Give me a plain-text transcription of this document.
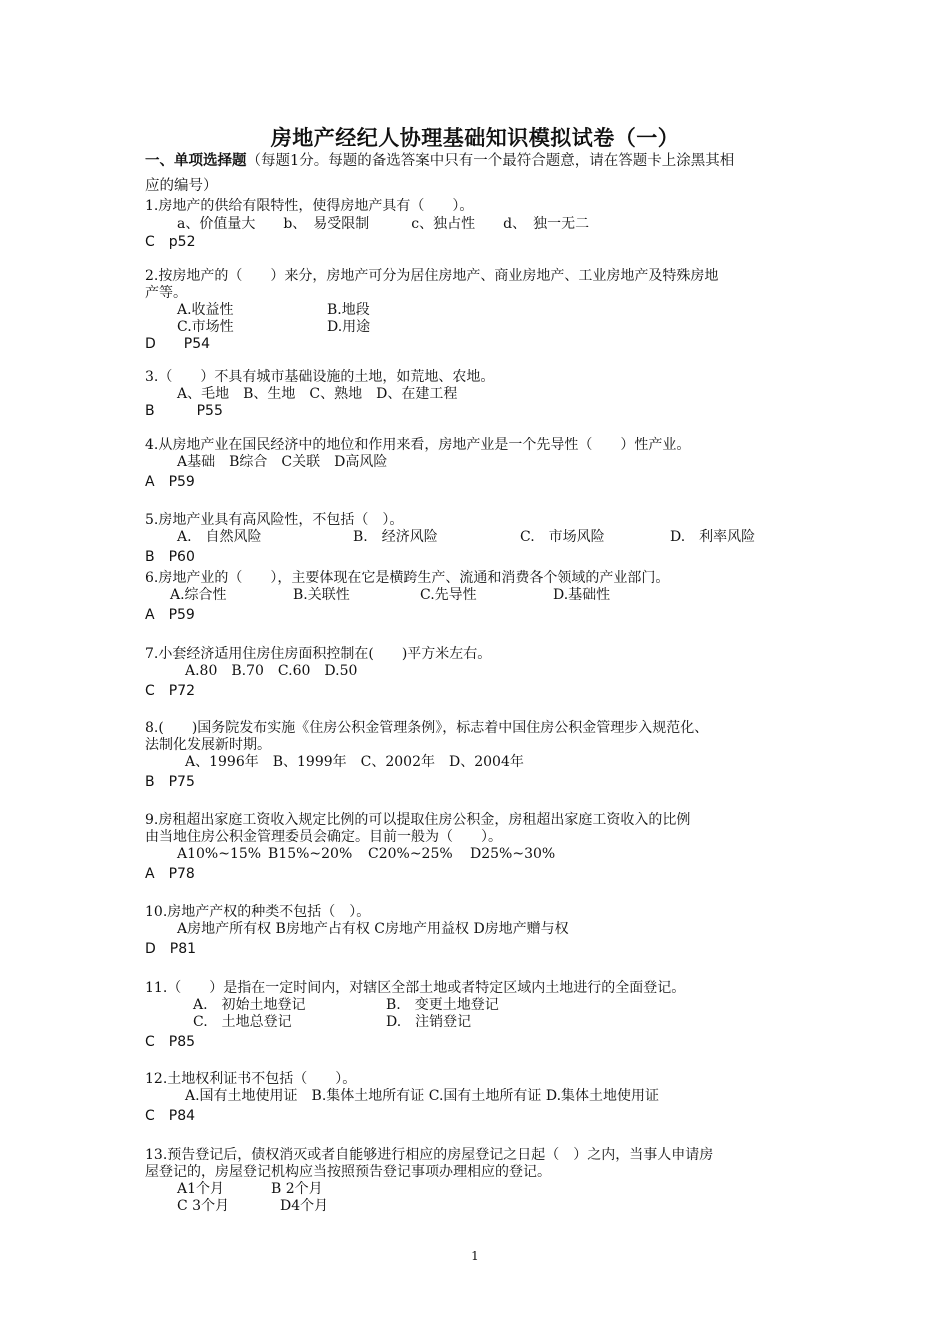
房地产经纪人协理基础知识模拟试卷（一）
一、单项选择题（每题1分。每题的备选答案中只有一个最符合题意，请在答题卡上涂黑其相
应的编号）
1.房地产的供给有限特性，使得房地产具有（　　）。
a、价值量大　　b、　易受限制　　　c、独占性　　d、　独一无二
C　p52
2.按房地产的（　　）来分，房地产可分为居住房地产、商业房地产、工业房地产及特殊房地
产等。
A.收益性	B.地段
C.市场性	D.用途
D　　P54
3.（　　）不具有城市基础设施的土地，如荒地、农地。
A、毛地　B、生地　C、熟地　D、在建工程
B　　　P55
4.从房地产业在国民经济中的地位和作用来看，房地产业是一个先导性（　　）性产业。
A基础　B综合　C关联　D高风险
A　P59
5.房地产业具有高风险性，不包括（　）。
A.　自然风险	B.　经济风险	C.　市场风险	D.　利率风险
B　P60
6.房地产业的（　　），主要体现在它是横跨生产、流通和消费各个领域的产业部门。
A.综合性	B.关联性	C.先导性	D.基础性
A　P59
7.小套经济适用住房住房面积控制在(　　)平方米左右。
A.80　B.70　C.60　D.50
C　P72
8.(　　)国务院发布实施《住房公积金管理条例》，标志着中国住房公积金管理步入规范化、
法制化发展新时期。
A、1996年　B、1999年　C、2002年　D、2004年
B　P75
9.房租超出家庭工资收入规定比例的可以提取住房公积金，房租超出家庭工资收入的比例
由当地住房公积金管理委员会确定。目前一般为（　　）。
A10%~15% B15%~20% C20%~25% D25%~30%
A　P78
10.房地产产权的种类不包括（　）。
A房地产所有权 B房地产占有权 C房地产用益权 D房地产赠与权
D　P81
11.（　　）是指在一定时间内，对辖区全部土地或者特定区域内土地进行的全面登记。
A.　初始土地登记	B.　变更土地登记
C.　土地总登记	D.　注销登记
C　P85
12.土地权利证书不包括（　　）。
A.国有土地使用证　B.集体土地所有证 C.国有土地所有证 D.集体土地使用证
C　P84
13.预告登记后，债权消灭或者自能够进行相应的房屋登记之日起（　）之内，当事人申请房
屋登记的，房屋登记机构应当按照预告登记事项办理相应的登记。
A1个月	B 2个月
C 3个月	D4个月
1
